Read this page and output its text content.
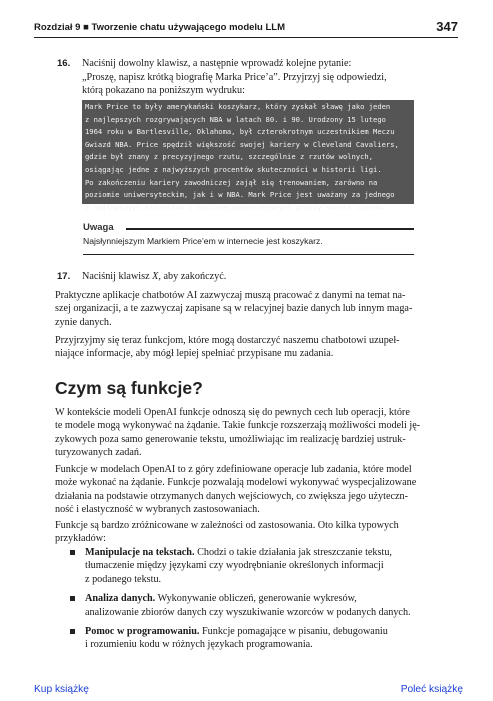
Rozdział 9 ■ Tworzenie chatu używającego modelu LLM	347
16. Naciśnij dowolny klawisz, a następnie wprowadź kolejne pytanie:
„Proszę, napisz krótką biografię Marka Price’a”. Przyjrzyj się odpowiedzi,
którą pokazano na poniższym wydruku:
Mark Price to były amerykański koszykarz, który zyskał sławę jako jeden
z najlepszych rozgrywających NBA w latach 80. i 90. Urodzony 15 lutego
1964 roku w Bartlesville, Oklahoma, był czterokrotnym uczestnikiem Meczu
Gwiazd NBA. Price spędził większość swojej kariery w Cleveland Cavaliers,
gdzie był znany z precyzyjnego rzutu, szczególnie z rzutów wolnych,
osiągając jedne z najwyższych procentów skuteczności w historii ligi.
Po zakończeniu kariery zawodniczej zajął się trenowaniem, zarówno na
poziomie uniwersyteckim, jak i w NBA. Mark Price jest uważany za jednego
z najlepszych strzelców i najinteligentniejszych graczy swoich czasów.
Uwaga
Najsłynniejszym Markiem Price’em w internecie jest koszykarz.
17. Naciśnij klawisz X, aby zakończyć.
Praktyczne aplikacje chatbotów AI zazwyczaj muszą pracować z danymi na temat na-
szej organizacji, a te zazwyczaj zapisane są w relacyjnej bazie danych lub innym maga-
zynie danych.
Przyjrzyjmy się teraz funkcjom, które mogą dostarczyć naszemu chatbotowi uzupeł-
niające informacje, aby mógł lepiej spełniać przypisane mu zadania.
Czym są funkcje?
W kontekście modeli OpenAI funkcje odnoszą się do pewnych cech lub operacji, które
te modele mogą wykonywać na żądanie. Takie funkcje rozszerzają możliwości modeli ję-
zykowych poza samo generowanie tekstu, umożliwiając im realizację bardziej ustruk-
turyzowanych zadań.
Funkcje w modelach OpenAI to z góry zdefiniowane operacje lub zadania, które model
może wykonać na żądanie. Funkcje pozwalają modelowi wykonywać wyspecjalizowane
działania na podstawie otrzymanych danych wejściowych, co zwiększa jego użyteczn-
ność i elastyczność w wybranych zastosowaniach.
Funkcje są bardzo zróżnicowane w zależności od zastosowania. Oto kilka typowych
przykładów:
Manipulacje na tekstach. Chodzi o takie działania jak streszczanie tekstu,
tłumaczenie między językami czy wyodrębnianie określonych informacji
z podanego tekstu.
Analiza danych. Wykonywanie obliczeń, generowanie wykresów,
analizowanie zbiorów danych czy wyszukiwanie wzorców w podanych danych.
Pomoc w programowaniu. Funkcje pomagające w pisaniu, debugowaniu
i rozumieniu kodu w różnych językach programowania.
Kup książkę	Poleć książkę
